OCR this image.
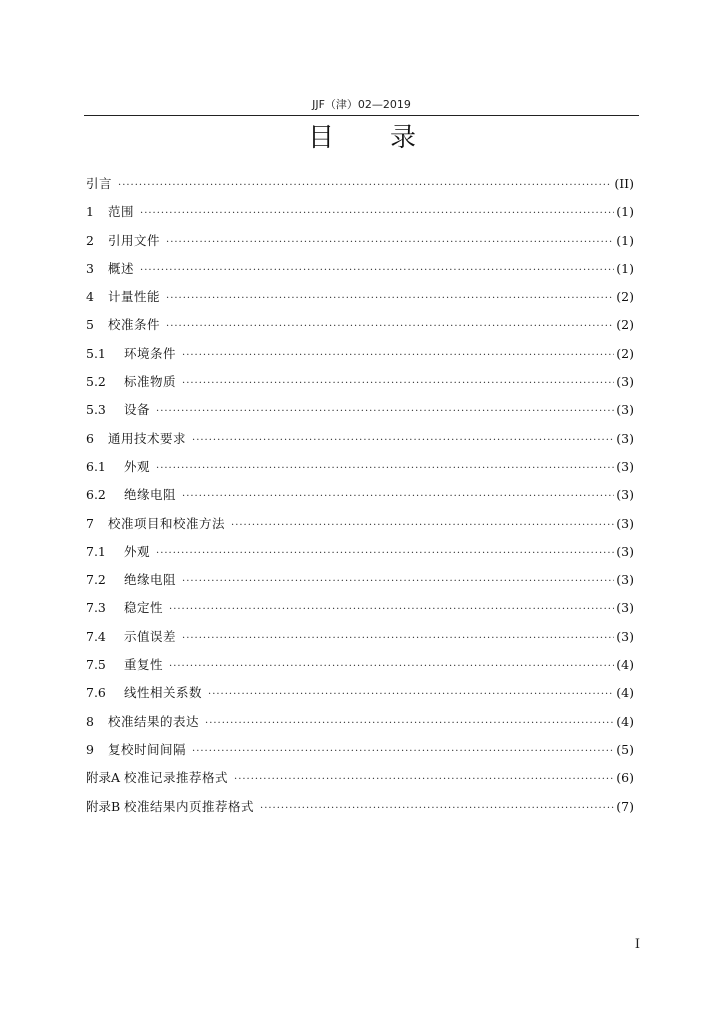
JJF（津）02—2019
目 录
引言 ·····	(II)
1	范围 ·····	(1)
2	引用文件 ·····	(1)
3	概述 ·····	(1)
4	计量性能 ·····	(2)
5	校准条件 ·····	(2)
5.1	环境条件 ·····	(2)
5.2	标准物质 ·····	(3)
5.3	设备 ·····	(3)
6	通用技术要求 ·····	(3)
6.1	外观 ·····	(3)
6.2	绝缘电阻 ·····	(3)
7	校准项目和校准方法 ·····	(3)
7.1	外观 ·····	(3)
7.2	绝缘电阻 ·····	(3)
7.3	稳定性 ·····	(3)
7.4	示值误差 ·····	(3)
7.5	重复性 ·····	(4)
7.6	线性相关系数 ·····	(4)
8	校准结果的表达 ·····	(4)
9	复校时间间隔 ·····	(5)
附录A 校准记录推荐格式 ·····	(6)
附录B 校准结果内页推荐格式 ·····	(7)
I
